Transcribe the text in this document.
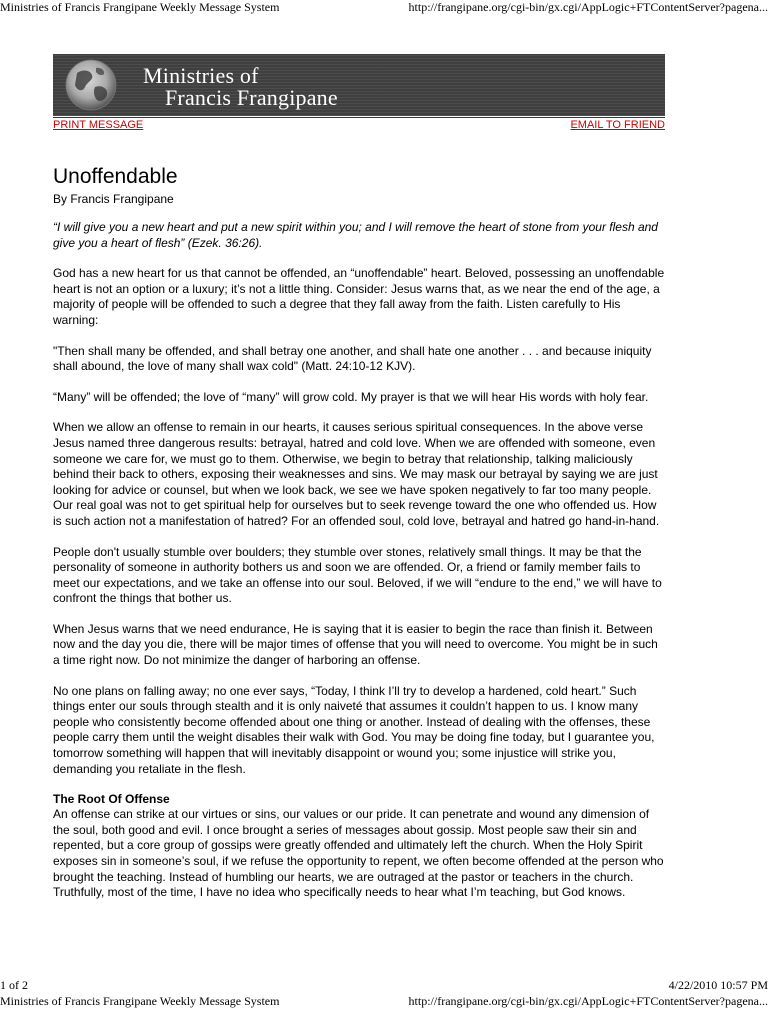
Ministries of Francis Frangipane Weekly Message System	http://frangipane.org/cgi-bin/gx.cgi/AppLogic+FTContentServer?pagena...
Ministries of
Francis Frangipane
PRINT MESSAGE	EMAIL TO FRIEND
Unoffendable

By Francis Frangipane

“I will give you a new heart and put a new spirit within you; and I will remove the heart of stone from your flesh and give you a heart of flesh” (Ezek. 36:26).

God has a new heart for us that cannot be offended, an “unoffendable” heart. Beloved, possessing an unoffendable heart is not an option or a luxury; it’s not a little thing. Consider: Jesus warns that, as we near the end of the age, a majority of people will be offended to such a degree that they fall away from the faith. Listen carefully to His warning:

"Then shall many be offended, and shall betray one another, and shall hate one another . . . and because iniquity shall abound, the love of many shall wax cold" (Matt. 24:10-12 KJV).

“Many” will be offended; the love of “many” will grow cold. My prayer is that we will hear His words with holy fear.

When we allow an offense to remain in our hearts, it causes serious spiritual consequences. In the above verse Jesus named three dangerous results: betrayal, hatred and cold love. When we are offended with someone, even someone we care for, we must go to them. Otherwise, we begin to betray that relationship, talking maliciously behind their back to others, exposing their weaknesses and sins. We may mask our betrayal by saying we are just looking for advice or counsel, but when we look back, we see we have spoken negatively to far too many people. Our real goal was not to get spiritual help for ourselves but to seek revenge toward the one who offended us. How is such action not a manifestation of hatred? For an offended soul, cold love, betrayal and hatred go hand-in-hand.

People don't usually stumble over boulders; they stumble over stones, relatively small things. It may be that the personality of someone in authority bothers us and soon we are offended. Or, a friend or family member fails to meet our expectations, and we take an offense into our soul. Beloved, if we will “endure to the end,” we will have to confront the things that bother us.

When Jesus warns that we need endurance, He is saying that it is easier to begin the race than finish it. Between now and the day you die, there will be major times of offense that you will need to overcome. You might be in such a time right now. Do not minimize the danger of harboring an offense.

No one plans on falling away; no one ever says, “Today, I think I’ll try to develop a hardened, cold heart.” Such things enter our souls through stealth and it is only naiveté that assumes it couldn’t happen to us. I know many people who consistently become offended about one thing or another. Instead of dealing with the offenses, these people carry them until the weight disables their walk with God. You may be doing fine today, but I guarantee you, tomorrow something will happen that will inevitably disappoint or wound you; some injustice will strike you, demanding you retaliate in the flesh.

The Root Of Offense

An offense can strike at our virtues or sins, our values or our pride. It can penetrate and wound any dimension of the soul, both good and evil. I once brought a series of messages about gossip. Most people saw their sin and repented, but a core group of gossips were greatly offended and ultimately left the church. When the Holy Spirit exposes sin in someone’s soul, if we refuse the opportunity to repent, we often become offended at the person who brought the teaching. Instead of humbling our hearts, we are outraged at the pastor or teachers in the church. Truthfully, most of the time, I have no idea who specifically needs to hear what I’m teaching, but God knows.

1 of 2	4/22/2010 10:57 PM
Ministries of Francis Frangipane Weekly Message System	http://frangipane.org/cgi-bin/gx.cgi/AppLogic+FTContentServer?pagena...
